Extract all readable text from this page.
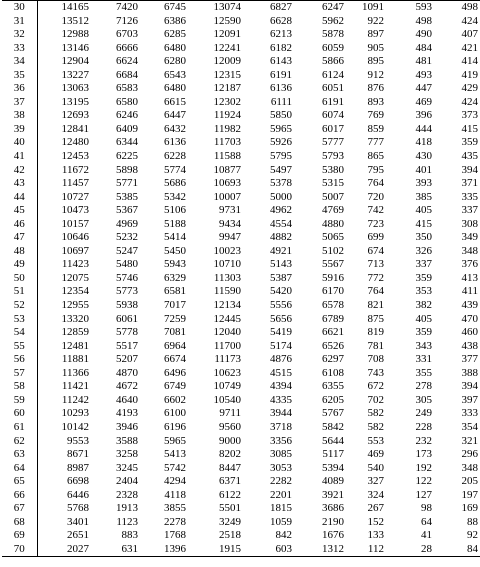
30	14165	7420	6745	13074	6827	6247	1091	593	498
31	13512	7126	6386	12590	6628	5962	922	498	424
32	12988	6703	6285	12091	6213	5878	897	490	407
33	13146	6666	6480	12241	6182	6059	905	484	421
34	12904	6624	6280	12009	6143	5866	895	481	414
35	13227	6684	6543	12315	6191	6124	912	493	419
36	13063	6583	6480	12187	6136	6051	876	447	429
37	13195	6580	6615	12302	6111	6191	893	469	424
38	12693	6246	6447	11924	5850	6074	769	396	373
39	12841	6409	6432	11982	5965	6017	859	444	415
40	12480	6344	6136	11703	5926	5777	777	418	359
41	12453	6225	6228	11588	5795	5793	865	430	435
42	11672	5898	5774	10877	5497	5380	795	401	394
43	11457	5771	5686	10693	5378	5315	764	393	371
44	10727	5385	5342	10007	5000	5007	720	385	335
45	10473	5367	5106	9731	4962	4769	742	405	337
46	10157	4969	5188	9434	4554	4880	723	415	308
47	10646	5232	5414	9947	4882	5065	699	350	349
48	10697	5247	5450	10023	4921	5102	674	326	348
49	11423	5480	5943	10710	5143	5567	713	337	376
50	12075	5746	6329	11303	5387	5916	772	359	413
51	12354	5773	6581	11590	5420	6170	764	353	411
52	12955	5938	7017	12134	5556	6578	821	382	439
53	13320	6061	7259	12445	5656	6789	875	405	470
54	12859	5778	7081	12040	5419	6621	819	359	460
55	12481	5517	6964	11700	5174	6526	781	343	438
56	11881	5207	6674	11173	4876	6297	708	331	377
57	11366	4870	6496	10623	4515	6108	743	355	388
58	11421	4672	6749	10749	4394	6355	672	278	394
59	11242	4640	6602	10540	4335	6205	702	305	397
60	10293	4193	6100	9711	3944	5767	582	249	333
61	10142	3946	6196	9560	3718	5842	582	228	354
62	9553	3588	5965	9000	3356	5644	553	232	321
63	8671	3258	5413	8202	3085	5117	469	173	296
64	8987	3245	5742	8447	3053	5394	540	192	348
65	6698	2404	4294	6371	2282	4089	327	122	205
66	6446	2328	4118	6122	2201	3921	324	127	197
67	5768	1913	3855	5501	1815	3686	267	98	169
68	3401	1123	2278	3249	1059	2190	152	64	88
69	2651	883	1768	2518	842	1676	133	41	92
70	2027	631	1396	1915	603	1312	112	28	84
